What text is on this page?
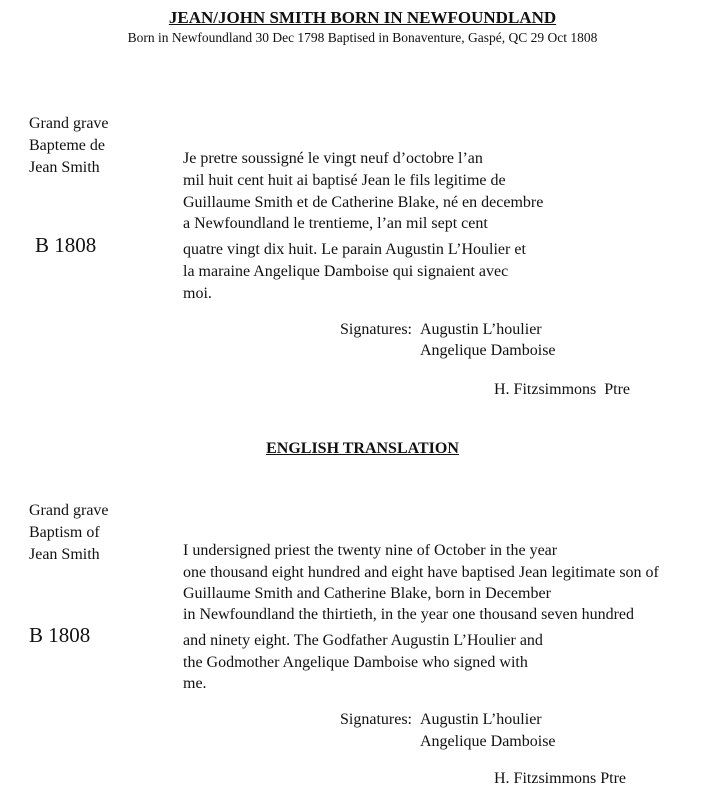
JEAN/JOHN SMITH BORN IN NEWFOUNDLAND
Born in Newfoundland 30 Dec 1798 Baptised in Bonaventure, Gaspé, QC 29 Oct 1808
Grand grave
Bapteme de
Jean Smith
B 1808
Je pretre soussigné le vingt neuf d’octobre l’an
mil huit cent huit ai baptisé Jean le fils legitime de
Guillaume Smith et de Catherine Blake, né en decembre
a Newfoundland le trentieme, l’an mil sept cent
quatre vingt dix huit. Le parain Augustin L’Houlier et
la maraine Angelique Damboise qui signaient avec
moi.
Signatures: Augustin L’houlier
Angelique Damboise
H. Fitzsimmons  Ptre
ENGLISH TRANSLATION
Grand grave
Baptism of
Jean Smith
B 1808
I undersigned priest the twenty nine of October in the year
one thousand eight hundred and eight have baptised Jean legitimate son of
Guillaume Smith and Catherine Blake, born in December
in Newfoundland the thirtieth, in the year one thousand seven hundred
and ninety eight. The Godfather Augustin L’Houlier and
the Godmother Angelique Damboise who signed with
me.
Signatures: Augustin L’houlier
Angelique Damboise
H. Fitzsimmons Ptre
